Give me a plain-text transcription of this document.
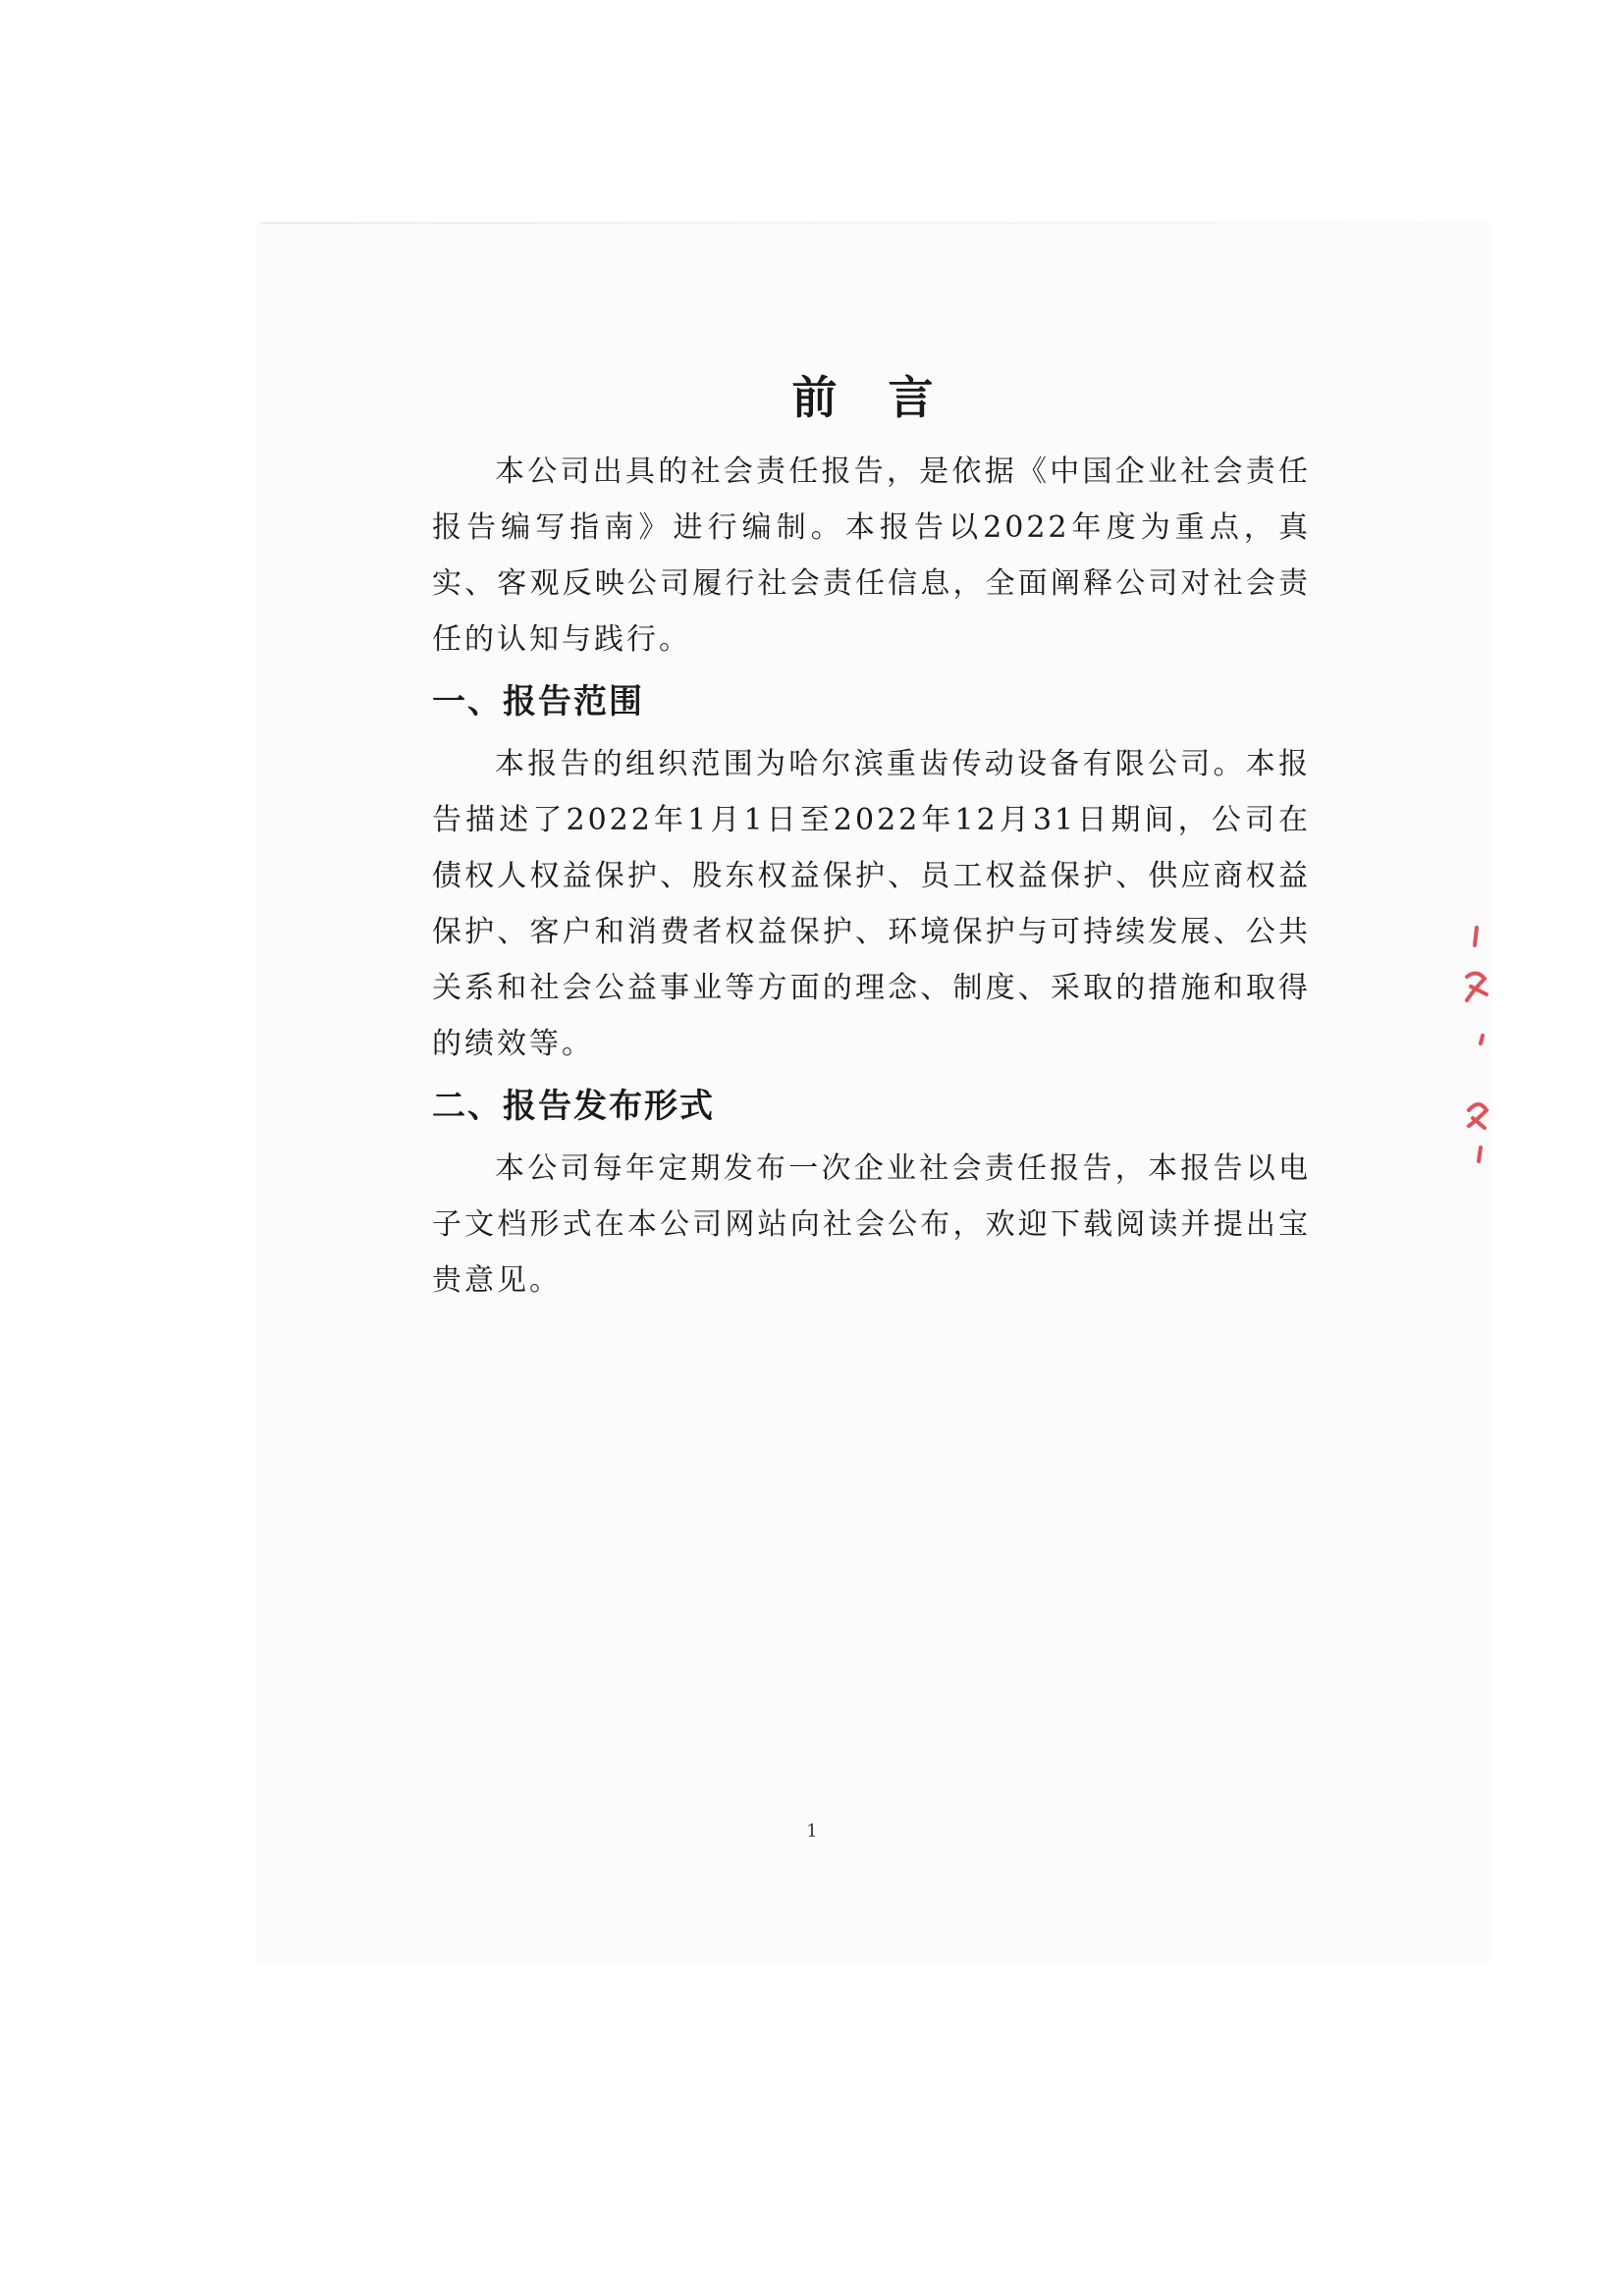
前 言

本公司出具的社会责任报告，是依据《中国企业社会责任报告编写指南》进行编制。本报告以2022年度为重点，真实、客观反映公司履行社会责任信息，全面阐释公司对社会责任的认知与践行。

一、报告范围

本报告的组织范围为哈尔滨重齿传动设备有限公司。本报告描述了2022年1月1日至2022年12月31日期间，公司在债权人权益保护、股东权益保护、员工权益保护、供应商权益保护、客户和消费者权益保护、环境保护与可持续发展、公共关系和社会公益事业等方面的理念、制度、采取的措施和取得的绩效等。

二、报告发布形式

本公司每年定期发布一次企业社会责任报告，本报告以电子文档形式在本公司网站向社会公布，欢迎下载阅读并提出宝贵意见。

1
